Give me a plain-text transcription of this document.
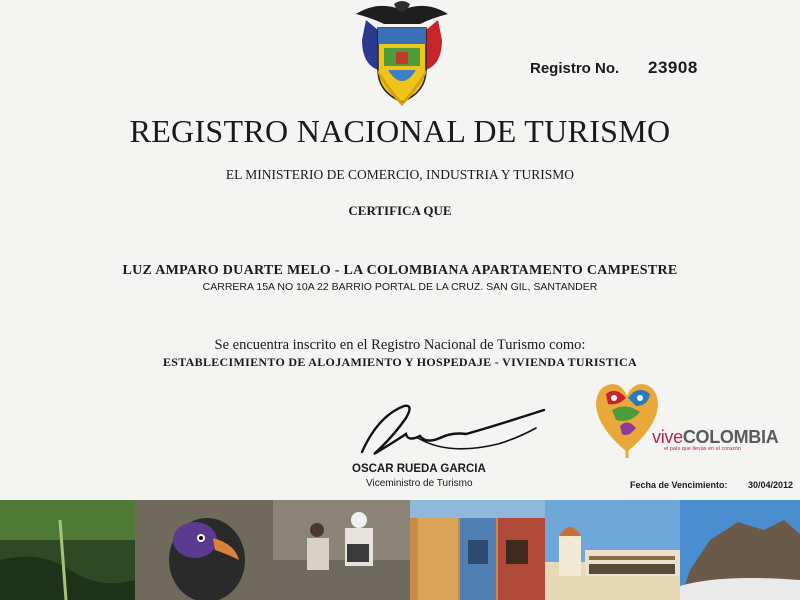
Registro No. 23908
REGISTRO NACIONAL DE TURISMO
EL MINISTERIO DE COMERCIO, INDUSTRIA Y TURISMO
CERTIFICA QUE
LUZ AMPARO DUARTE MELO - LA COLOMBIANA APARTAMENTO CAMPESTRE
CARRERA 15A NO 10A 22 BARRIO PORTAL DE LA CRUZ. SAN GIL, SANTANDER
Se encuentra inscrito en el Registro Nacional de Turismo como:
ESTABLECIMIENTO DE ALOJAMIENTO Y HOSPEDAJE - VIVIENDA TURISTICA
OSCAR RUEDA GARCIA
Viceministro de Turismo
viveCOLOMBIA
el país que llevas en el corazón
Fecha de Vencimiento: 30/04/2012
